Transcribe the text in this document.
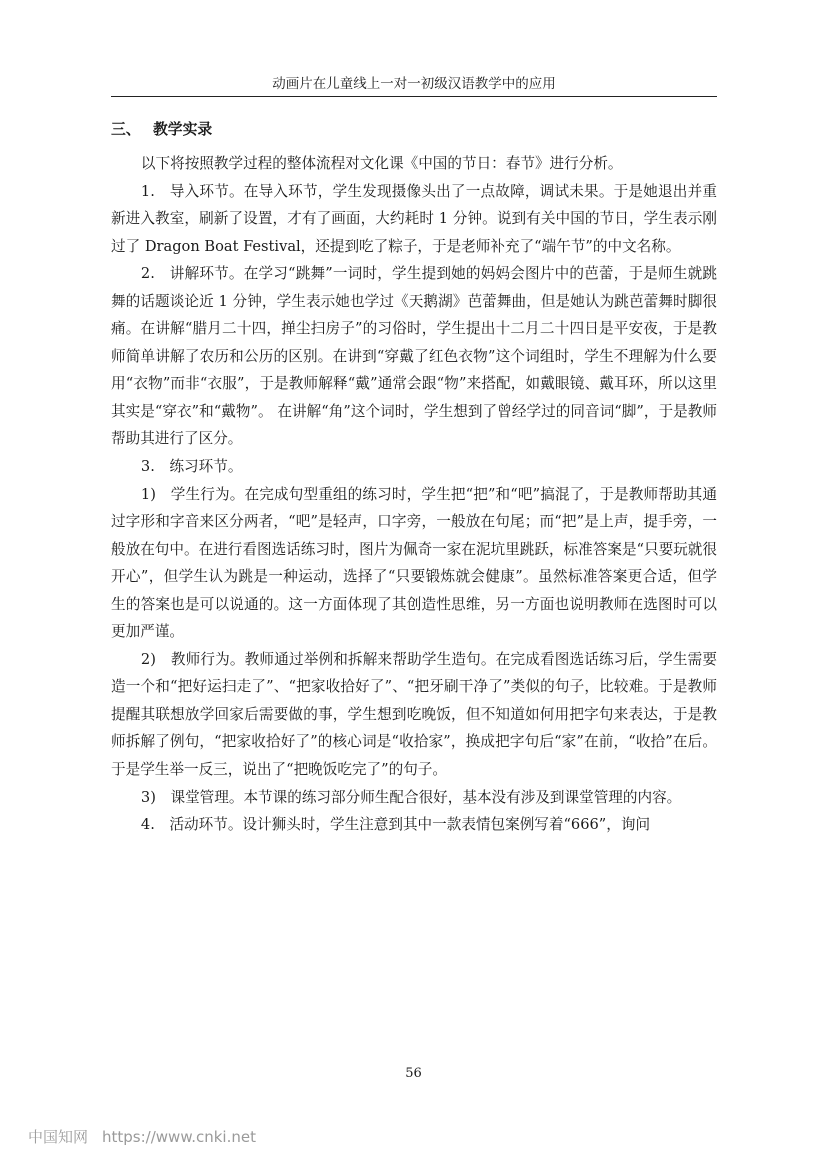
动画片在儿童线上一对一初级汉语教学中的应用
三、 教学实录

以下将按照教学过程的整体流程对文化课《中国的节日：春节》进行分析。

1.　导入环节。在导入环节，学生发现摄像头出了一点故障，调试未果。于是她退出并重新进入教室，刷新了设置，才有了画面，大约耗时 1 分钟。说到有关中国的节日，学生表示刚过了 Dragon Boat Festival，还提到吃了粽子，于是老师补充了“端午节”的中文名称。

2.　讲解环节。在学习“跳舞”一词时，学生提到她的妈妈会图片中的芭蕾，于是师生就跳舞的话题谈论近 1 分钟，学生表示她也学过《天鹅湖》芭蕾舞曲，但是她认为跳芭蕾舞时脚很痛。在讲解“腊月二十四，掸尘扫房子”的习俗时，学生提出十二月二十四日是平安夜，于是教师简单讲解了农历和公历的区别。在讲到“穿戴了红色衣物”这个词组时，学生不理解为什么要用“衣物”而非“衣服”，于是教师解释“戴”通常会跟“物”来搭配，如戴眼镜、戴耳环，所以这里其实是“穿衣”和“戴物”。 在讲解“角”这个词时，学生想到了曾经学过的同音词“脚”，于是教师帮助其进行了区分。

3.　练习环节。

1)　学生行为。在完成句型重组的练习时，学生把“把”和“吧”搞混了，于是教师帮助其通过字形和字音来区分两者，“吧”是轻声，口字旁，一般放在句尾；而“把”是上声，提手旁，一般放在句中。在进行看图选话练习时，图片为佩奇一家在泥坑里跳跃，标准答案是“只要玩就很开心”，但学生认为跳是一种运动，选择了“只要锻炼就会健康”。虽然标准答案更合适，但学生的答案也是可以说通的。这一方面体现了其创造性思维，另一方面也说明教师在选图时可以更加严谨。

2)　教师行为。教师通过举例和拆解来帮助学生造句。在完成看图选话练习后，学生需要造一个和“把好运扫走了”、“把家收拾好了”、“把牙刷干净了”类似的句子，比较难。于是教师提醒其联想放学回家后需要做的事，学生想到吃晚饭，但不知道如何用把字句来表达，于是教师拆解了例句，“把家收拾好了”的核心词是“收拾家”，换成把字句后“家”在前，“收拾”在后。于是学生举一反三，说出了“把晚饭吃完了”的句子。

3)　课堂管理。本节课的练习部分师生配合很好，基本没有涉及到课堂管理的内容。

4.　活动环节。设计狮头时，学生注意到其中一款表情包案例写着“666”，询问

56
中国知网 https://www.cnki.net
